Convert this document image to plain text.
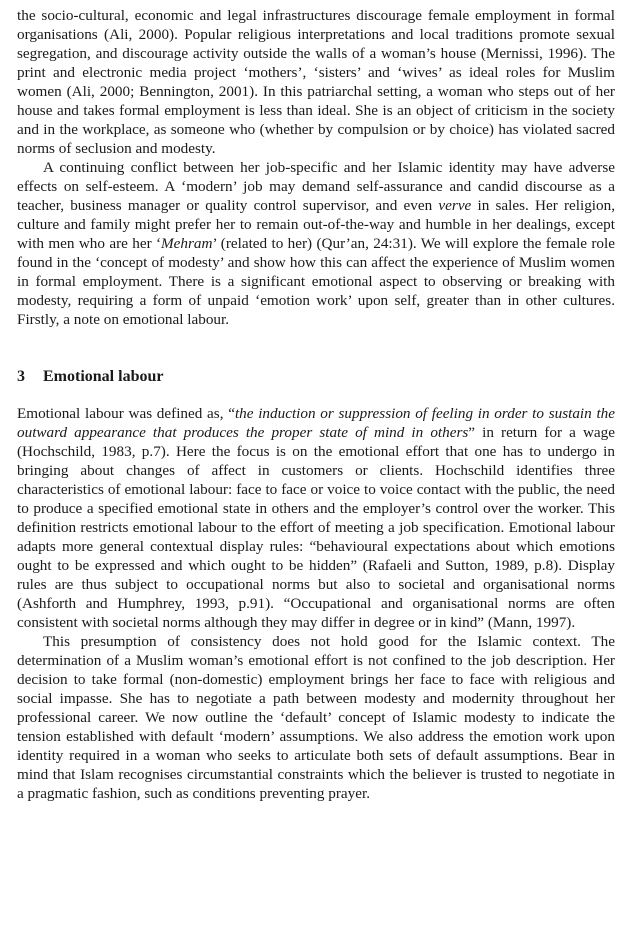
the socio-cultural, economic and legal infrastructures discourage female employment in formal organisations (Ali, 2000). Popular religious interpretations and local traditions promote sexual segregation, and discourage activity outside the walls of a woman’s house (Mernissi, 1996). The print and electronic media project ‘mothers’, ‘sisters’ and ‘wives’ as ideal roles for Muslim women (Ali, 2000; Bennington, 2001). In this patriarchal setting, a woman who steps out of her house and takes formal employment is less than ideal. She is an object of criticism in the society and in the workplace, as someone who (whether by compulsion or by choice) has violated sacred norms of seclusion and modesty.

A continuing conflict between her job-specific and her Islamic identity may have adverse effects on self-esteem. A ‘modern’ job may demand self-assurance and candid discourse as a teacher, business manager or quality control supervisor, and even verve in sales. Her religion, culture and family might prefer her to remain out-of-the-way and humble in her dealings, except with men who are her ‘Mehram’ (related to her) (Qur’an, 24:31). We will explore the female role found in the ‘concept of modesty’ and show how this can affect the experience of Muslim women in formal employment. There is a significant emotional aspect to observing or breaking with modesty, requiring a form of unpaid ‘emotion work’ upon self, greater than in other cultures. Firstly, a note on emotional labour.

3 Emotional labour

Emotional labour was defined as, “the induction or suppression of feeling in order to sustain the outward appearance that produces the proper state of mind in others” in return for a wage (Hochschild, 1983, p.7). Here the focus is on the emotional effort that one has to undergo in bringing about changes of affect in customers or clients. Hochschild identifies three characteristics of emotional labour: face to face or voice to voice contact with the public, the need to produce a specified emotional state in others and the employer’s control over the worker. This definition restricts emotional labour to the effort of meeting a job specification. Emotional labour adapts more general contextual display rules: “behavioural expectations about which emotions ought to be expressed and which ought to be hidden” (Rafaeli and Sutton, 1989, p.8). Display rules are thus subject to occupational norms but also to societal and organisational norms (Ashforth and Humphrey, 1993, p.91). “Occupational and organisational norms are often consistent with societal norms although they may differ in degree or in kind” (Mann, 1997).

This presumption of consistency does not hold good for the Islamic context. The determination of a Muslim woman’s emotional effort is not confined to the job description. Her decision to take formal (non-domestic) employment brings her face to face with religious and social impasse. She has to negotiate a path between modesty and modernity throughout her professional career. We now outline the ‘default’ concept of Islamic modesty to indicate the tension established with default ‘modern’ assumptions. We also address the emotion work upon identity required in a woman who seeks to articulate both sets of default assumptions. Bear in mind that Islam recognises circumstantial constraints which the believer is trusted to negotiate in a pragmatic fashion, such as conditions preventing prayer.
